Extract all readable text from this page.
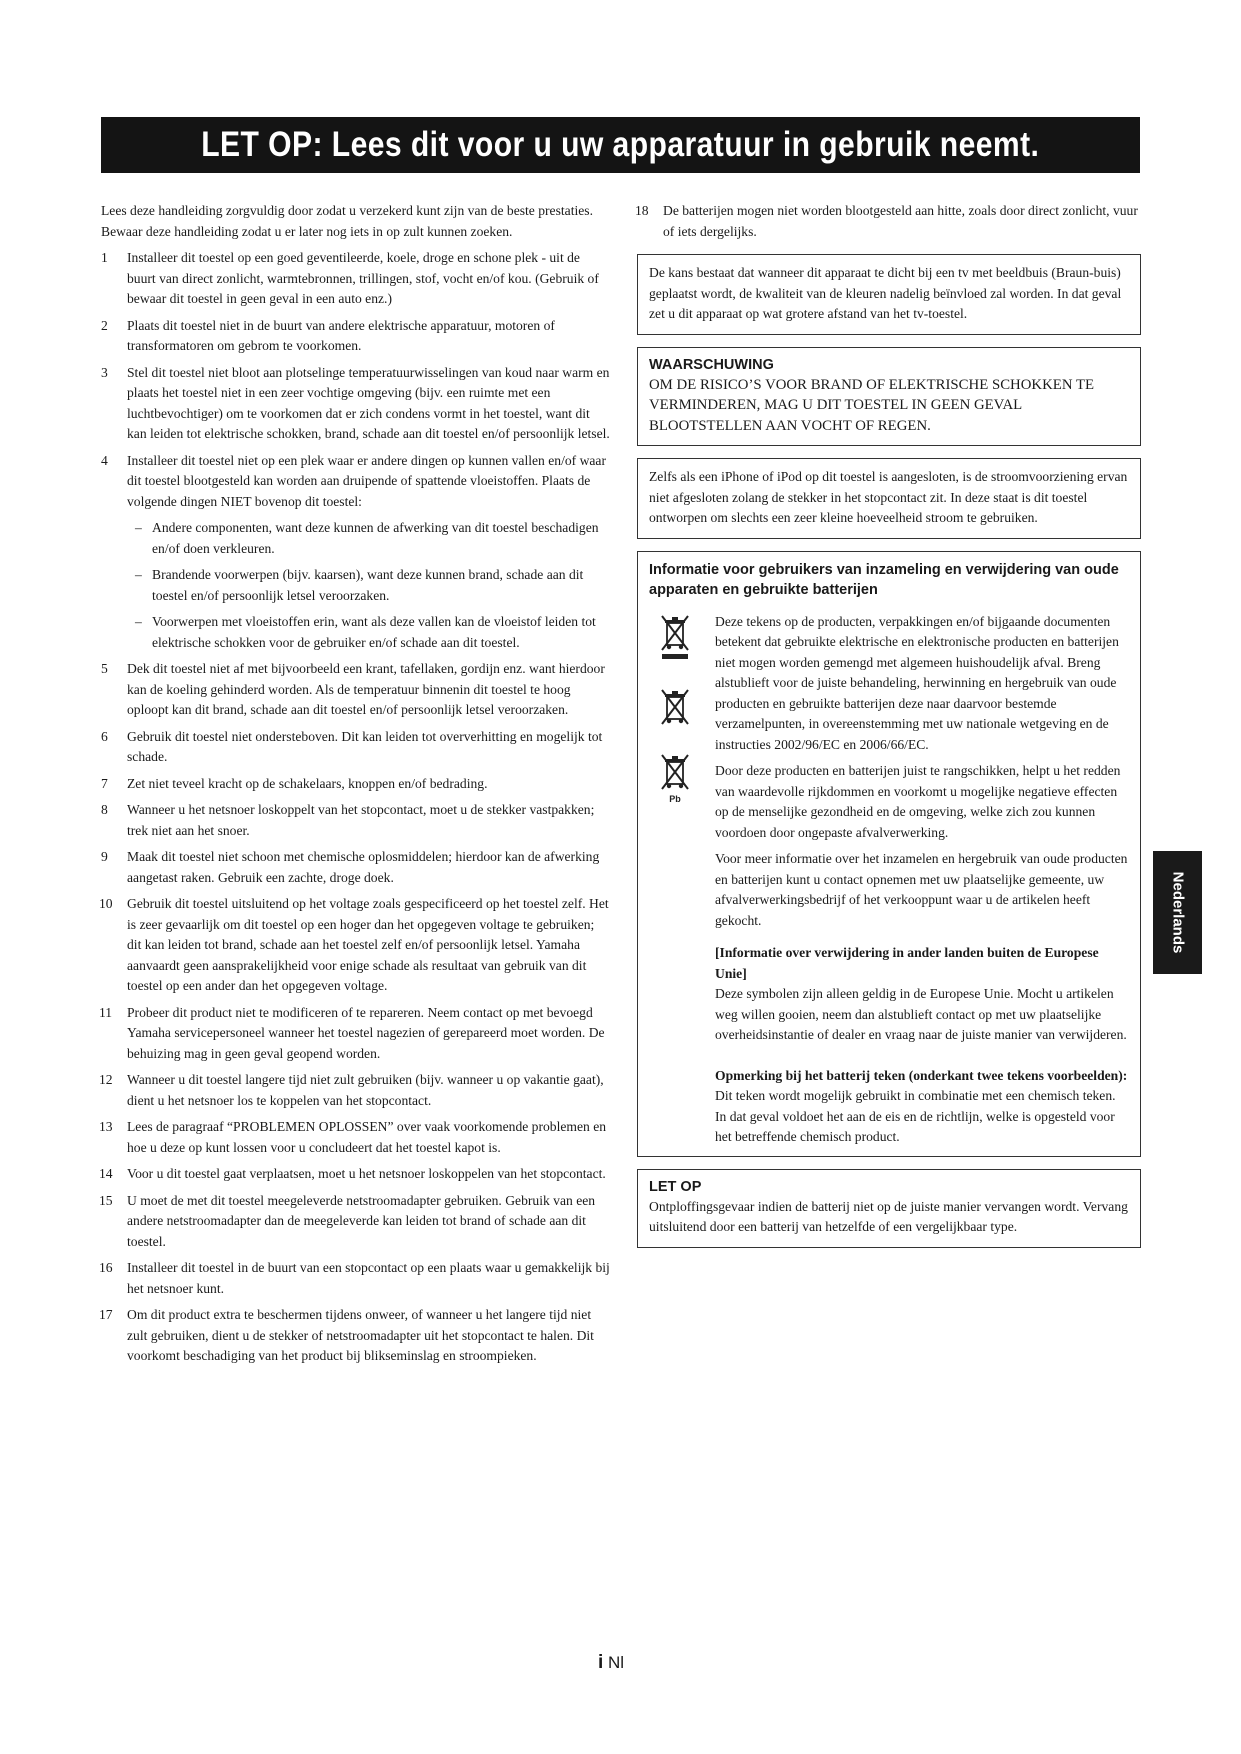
LET OP: Lees dit voor u uw apparatuur in gebruik neemt.

Lees deze handleiding zorgvuldig door zodat u verzekerd kunt zijn van de beste prestaties. Bewaar deze handleiding zodat u er later nog iets in op zult kunnen zoeken.

1	Installeer dit toestel op een goed geventileerde, koele, droge en schone plek - uit de buurt van direct zonlicht, warmtebronnen, trillingen, stof, vocht en/of kou. (Gebruik of bewaar dit toestel in geen geval in een auto enz.)
2	Plaats dit toestel niet in de buurt van andere elektrische apparatuur, motoren of transformatoren om gebrom te voorkomen.
3	Stel dit toestel niet bloot aan plotselinge temperatuurwisselingen van koud naar warm en plaats het toestel niet in een zeer vochtige omgeving (bijv. een ruimte met een luchtbevochtiger) om te voorkomen dat er zich condens vormt in het toestel, want dit kan leiden tot elektrische schokken, brand, schade aan dit toestel en/of persoonlijk letsel.
4	Installeer dit toestel niet op een plek waar er andere dingen op kunnen vallen en/of waar dit toestel blootgesteld kan worden aan druipende of spattende vloeistoffen. Plaats de volgende dingen NIET bovenop dit toestel:
– Andere componenten, want deze kunnen de afwerking van dit toestel beschadigen en/of doen verkleuren.
– Brandende voorwerpen (bijv. kaarsen), want deze kunnen brand, schade aan dit toestel en/of persoonlijk letsel veroorzaken.
– Voorwerpen met vloeistoffen erin, want als deze vallen kan de vloeistof leiden tot elektrische schokken voor de gebruiker en/of schade aan dit toestel.
5	Dek dit toestel niet af met bijvoorbeeld een krant, tafellaken, gordijn enz. want hierdoor kan de koeling gehinderd worden. Als de temperatuur binnenin dit toestel te hoog oploopt kan dit brand, schade aan dit toestel en/of persoonlijk letsel veroorzaken.
6	Gebruik dit toestel niet ondersteboven. Dit kan leiden tot oververhitting en mogelijk tot schade.
7	Zet niet teveel kracht op de schakelaars, knoppen en/of bedrading.
8	Wanneer u het netsnoer loskoppelt van het stopcontact, moet u de stekker vastpakken; trek niet aan het snoer.
9	Maak dit toestel niet schoon met chemische oplosmiddelen; hierdoor kan de afwerking aangetast raken. Gebruik een zachte, droge doek.
10	Gebruik dit toestel uitsluitend op het voltage zoals gespecificeerd op het toestel zelf. Het is zeer gevaarlijk om dit toestel op een hoger dan het opgegeven voltage te gebruiken; dit kan leiden tot brand, schade aan het toestel zelf en/of persoonlijk letsel. Yamaha aanvaardt geen aansprakelijkheid voor enige schade als resultaat van gebruik van dit toestel op een ander dan het opgegeven voltage.
11	Probeer dit product niet te modificeren of te repareren. Neem contact op met bevoegd Yamaha servicepersoneel wanneer het toestel nagezien of gerepareerd moet worden. De behuizing mag in geen geval geopend worden.
12	Wanneer u dit toestel langere tijd niet zult gebruiken (bijv. wanneer u op vakantie gaat), dient u het netsnoer los te koppelen van het stopcontact.
13	Lees de paragraaf “PROBLEMEN OPLOSSEN” over vaak voorkomende problemen en hoe u deze op kunt lossen voor u concludeert dat het toestel kapot is.
14	Voor u dit toestel gaat verplaatsen, moet u het netsnoer loskoppelen van het stopcontact.
15	U moet de met dit toestel meegeleverde netstroomadapter gebruiken. Gebruik van een andere netstroomadapter dan de meegeleverde kan leiden tot brand of schade aan dit toestel.
16	Installeer dit toestel in de buurt van een stopcontact op een plaats waar u gemakkelijk bij het netsnoer kunt.
17	Om dit product extra te beschermen tijdens onweer, of wanneer u het langere tijd niet zult gebruiken, dient u de stekker of netstroomadapter uit het stopcontact te halen. Dit voorkomt beschadiging van het product bij blikseminslag en stroompieken.
18	De batterijen mogen niet worden blootgesteld aan hitte, zoals door direct zonlicht, vuur of iets dergelijks.

De kans bestaat dat wanneer dit apparaat te dicht bij een tv met beeldbuis (Braun-buis) geplaatst wordt, de kwaliteit van de kleuren nadelig beïnvloed zal worden. In dat geval zet u dit apparaat op wat grotere afstand van het tv-toestel.

WAARSCHUWING
OM DE RISICO’S VOOR BRAND OF ELEKTRISCHE SCHOKKEN TE VERMINDEREN, MAG U DIT TOESTEL IN GEEN GEVAL BLOOTSTELLEN AAN VOCHT OF REGEN.

Zelfs als een iPhone of iPod op dit toestel is aangesloten, is de stroomvoorziening ervan niet afgesloten zolang de stekker in het stopcontact zit. In deze staat is dit toestel ontworpen om slechts een zeer kleine hoeveelheid stroom te gebruiken.

Informatie voor gebruikers van inzameling en verwijdering van oude apparaten en gebruikte batterijen
Pb

Deze tekens op de producten, verpakkingen en/of bijgaande documenten betekent dat gebruikte elektrische en elektronische producten en batterijen niet mogen worden gemengd met algemeen huishoudelijk afval. Breng alstublieft voor de juiste behandeling, herwinning en hergebruik van oude producten en gebruikte batterijen deze naar daarvoor bestemde verzamelpunten, in overeenstemming met uw nationale wetgeving en de instructies 2002/96/EC en 2006/66/EC.

Door deze producten en batterijen juist te rangschikken, helpt u het redden van waardevolle rijkdommen en voorkomt u mogelijke negatieve effecten op de menselijke gezondheid en de omgeving, welke zich zou kunnen voordoen door ongepaste afvalverwerking.

Voor meer informatie over het inzamelen en hergebruik van oude producten en batterijen kunt u contact opnemen met uw plaatselijke gemeente, uw afvalverwerkingsbedrijf of het verkooppunt waar u de artikelen heeft gekocht.

[Informatie over verwijdering in ander landen buiten de Europese Unie]

Deze symbolen zijn alleen geldig in de Europese Unie. Mocht u artikelen weg willen gooien, neem dan alstublieft contact op met uw plaatselijke overheidsinstantie of dealer en vraag naar de juiste manier van verwijderen.

Opmerking bij het batterij teken (onderkant twee tekens voorbeelden):

Dit teken wordt mogelijk gebruikt in combinatie met een chemisch teken. In dat geval voldoet het aan de eis en de richtlijn, welke is opgesteld voor het betreffende chemisch product.

LET OP

Ontploffingsgevaar indien de batterij niet op de juiste manier vervangen wordt. Vervang uitsluitend door een batterij van hetzelfde of een vergelijkbaar type.

Nederlands
i Nl
